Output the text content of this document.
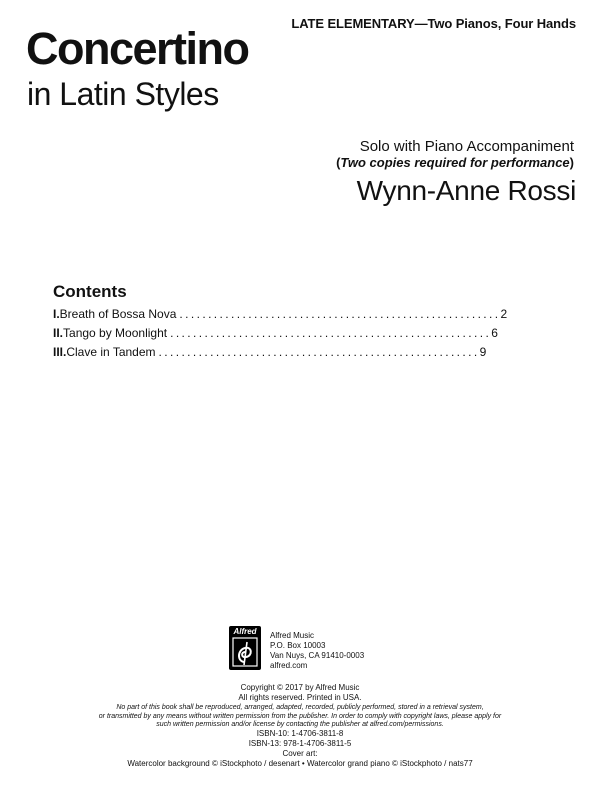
LATE ELEMENTARY—Two Pianos, Four Hands
Concertino
in Latin Styles
Solo with Piano Accompaniment
(Two copies required for performance)
Wynn-Anne Rossi
Contents
I. Breath of Bossa Nova ........................................................ 2
II. Tango by Moonlight ........................................................ 6
III. Clave in Tandem ........................................................ 9
Alfred	Alfred Music
P.O. Box 10003
Van Nuys, CA 91410-0003
alfred.com
Copyright © 2017 by Alfred Music
All rights reserved. Printed in USA.
No part of this book shall be reproduced, arranged, adapted, recorded, publicly performed, stored in a retrieval system,
or transmitted by any means without written permission from the publisher. In order to comply with copyright laws, please apply for
such written permission and/or license by contacting the publisher at alfred.com/permissions.
ISBN-10: 1-4706-3811-8
ISBN-13: 978-1-4706-3811-5
Cover art:
Watercolor background © iStockphoto / desenart • Watercolor grand piano © iStockphoto / nats77
